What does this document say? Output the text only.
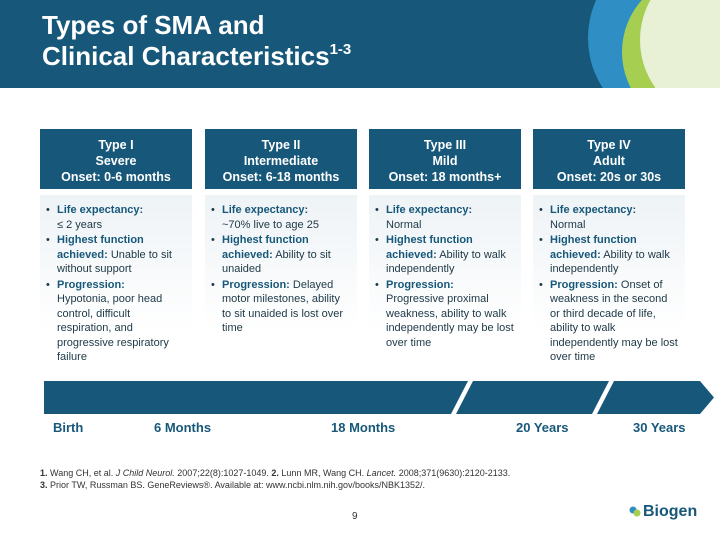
Types of SMA and
Clinical Characteristics$^{1-3}$
Type I
Severe
Onset: 0-6 months
• Life expectancy:
≤ 2 years
• Highest function achieved: Unable to sit without support
• Progression:
Hypotonia, poor head control, difficult respiration, and progressive respiratory failure
Type II
Intermediate
Onset: 6-18 months
• Life expectancy:
~70% live to age 25
• Highest function achieved: Ability to sit unaided
• Progression: Delayed motor milestones, ability to sit unaided is lost over time
Type III
Mild
Onset: 18 months+
• Life expectancy:
Normal
• Highest function achieved: Ability to walk independently
• Progression:
Progressive proximal weakness, ability to walk independently may be lost over time
Type IV
Adult
Onset: 20s or 30s
• Life expectancy:
Normal
• Highest function achieved: Ability to walk independently
• Progression: Onset of weakness in the second or third decade of life, ability to walk independently may be lost over time
Birth	6 Months	18 Months	20 Years	30 Years
1. Wang CH, et al. J Child Neurol. 2007;22(8):1027-1049. 2. Lunn MR, Wang CH. Lancet. 2008;371(9630):2120-2133.
3. Prior TW, Russman BS. GeneReviews®. Available at: www.ncbi.nlm.nih.gov/books/NBK1352/.
9	Biogen
